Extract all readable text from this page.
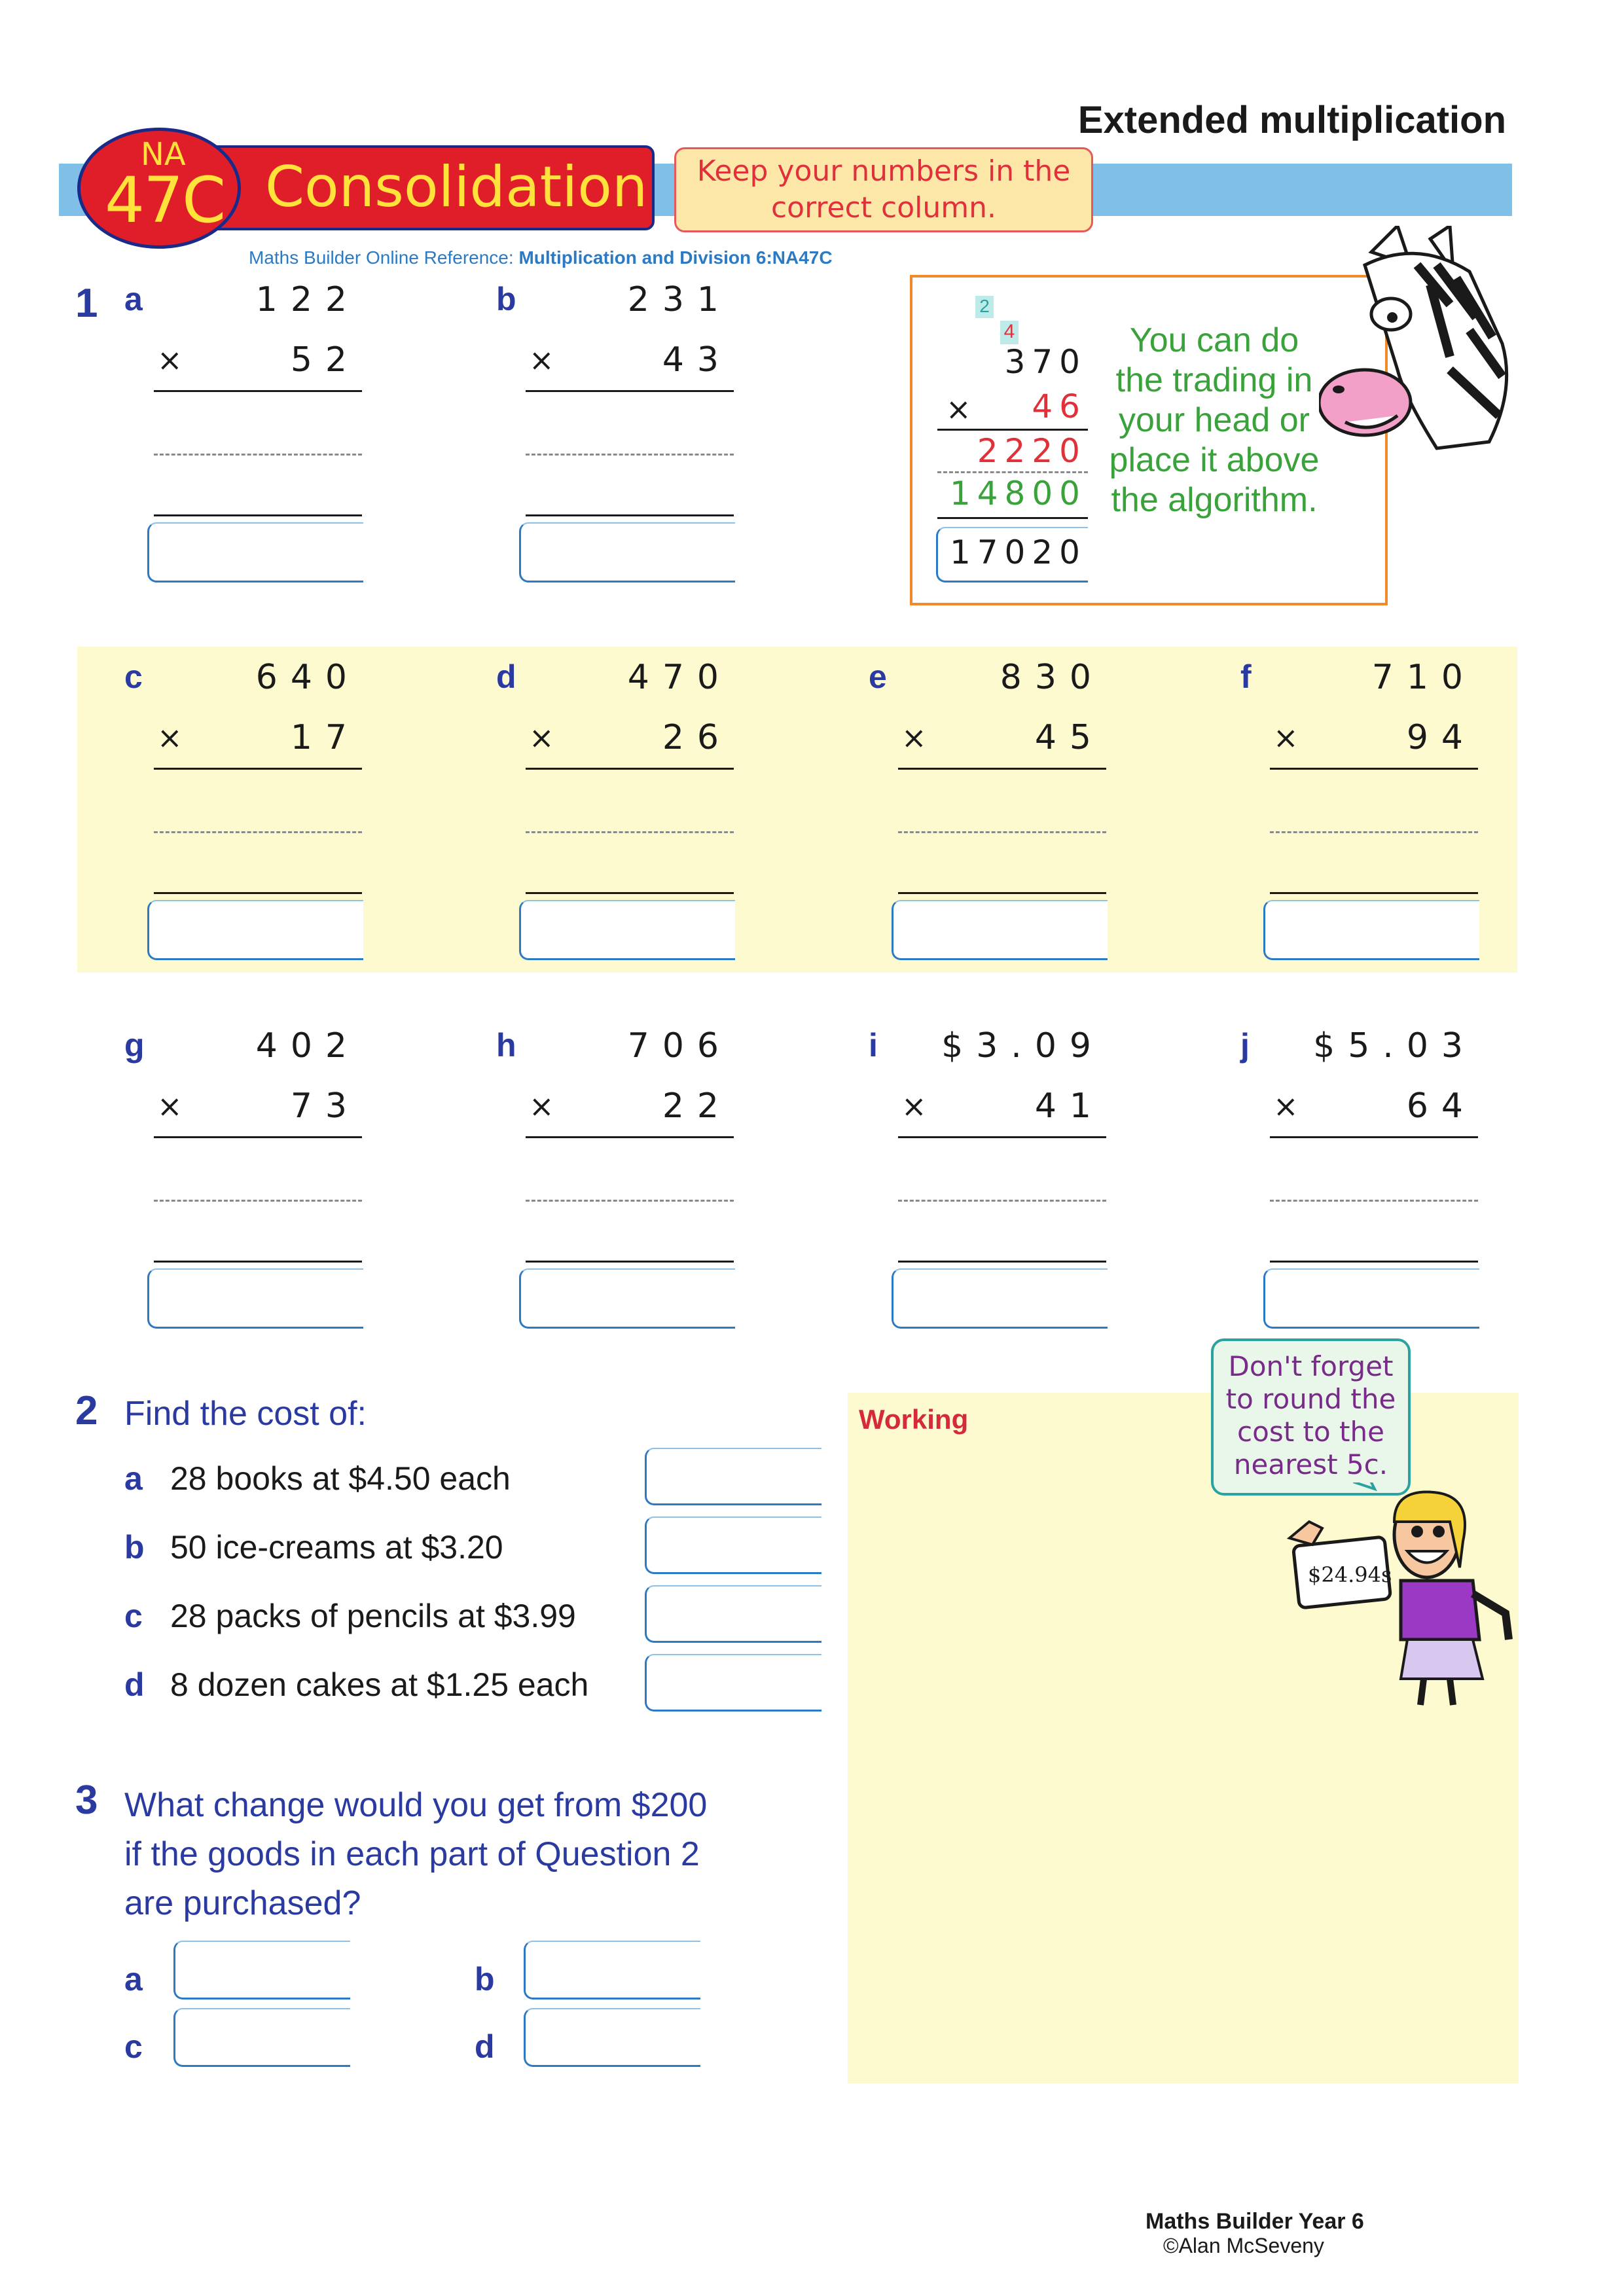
Extended multiplication
NA
47C Consolidation	Keep your numbers in the correct column.
Maths Builder Online Reference: Multiplication and Division 6:NA47C
1 a	122
×	52
b	231
×	43
c	640
×	17
d	470
×	26
e	830
×	45
f	710
×	94
g	402
×	73
h	706
×	22
i $3.09
×	41
j $5.03
×	64
2
4
370
×	46
2220
14800
17020
You can do the trading in your head or place it above the algorithm.
2 Find the cost of:
a 28 books at $4.50 each
b 50 ice-creams at $3.20
c 28 packs of pencils at $3.99
d 8 dozen cakes at $1.25 each
3 What change would you get from $200
if the goods in each part of Question 2
are purchased?
a	b
c	d
Working
Don't forget to round the cost to the nearest 5c.
$24.94s
Maths Builder Year 6
©Alan McSeveny
